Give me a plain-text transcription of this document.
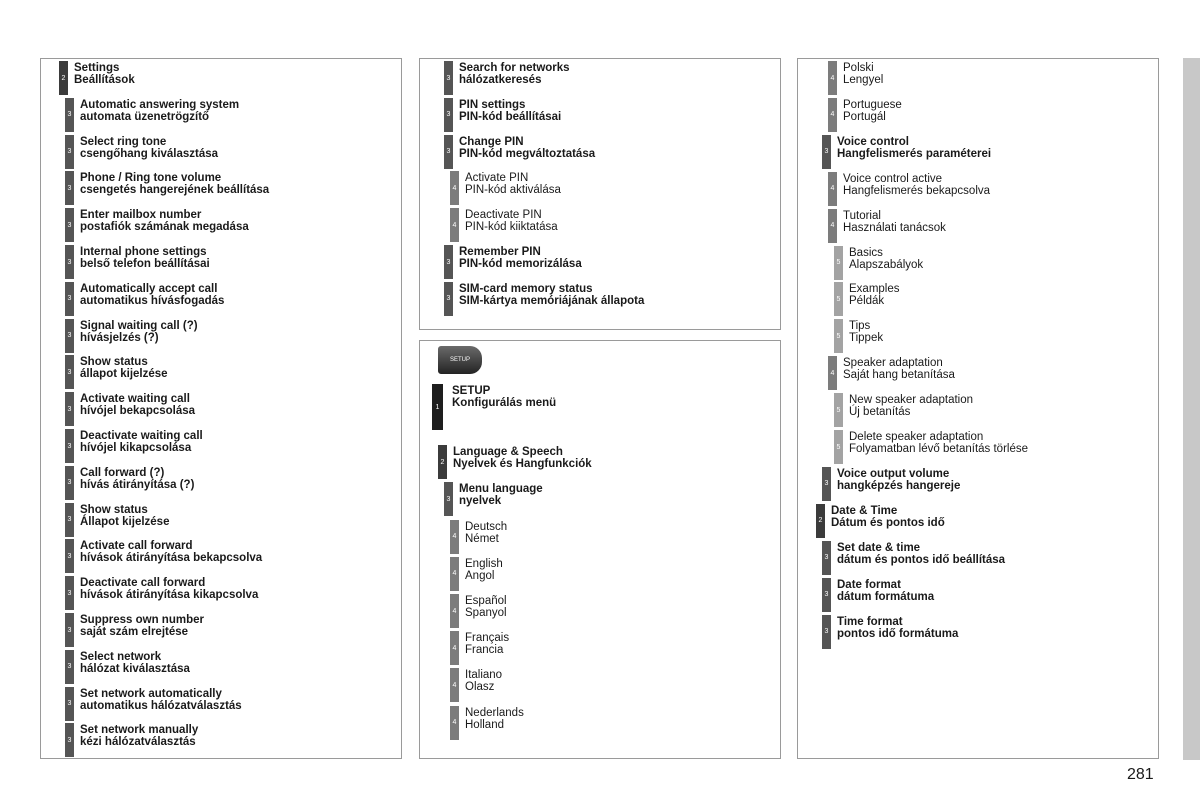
2
Settings
Beállítások
3
Automatic answering system
automata üzenetrögzítő
3
Select ring tone
csengőhang kiválasztása
3
Phone / Ring tone volume
csengetés hangerejének beállítása
3
Enter mailbox number
postafiók számának megadása
3
Internal phone settings
belső telefon beállításai
3
Automatically accept call
automatikus hívásfogadás
3
Signal waiting call (?)
hívásjelzés (?)
3
Show status
állapot kijelzése
3
Activate waiting call
hívójel bekapcsolása
3
Deactivate waiting call
hívójel kikapcsolása
3
Call forward (?)
hívás átirányítása (?)
3
Show status
Állapot kijelzése
3
Activate call forward
hívások átirányítása bekapcsolva
3
Deactivate call forward
hívások átirányítása kikapcsolva
3
Suppress own number
saját szám elrejtése
3
Select network
hálózat kiválasztása
3
Set network automatically
automatikus hálózatválasztás
3
Set network manually
kézi hálózatválasztás
3
Search for networks
hálózatkeresés
3
PIN settings
PIN-kód beállításai
3
Change PIN
PIN-kód megváltoztatása
4
Activate PIN
PIN-kód aktiválása
4
Deactivate PIN
PIN-kód kiiktatása
3
Remember PIN
PIN-kód memorizálása
3
SIM-card memory status
SIM-kártya memóriájának állapota
SETUP
1
SETUP
Konfigurálás menü
2
Language & Speech
Nyelvek és Hangfunkciók
3
Menu language
nyelvek
4
Deutsch
Német
4
English
Angol
4
Español
Spanyol
4
Français
Francia
4
Italiano
Olasz
4
Nederlands
Holland
4
Polski
Lengyel
4
Portuguese
Portugál
3
Voice control
Hangfelismerés paraméterei
4
Voice control active
Hangfelismerés bekapcsolva
4
Tutorial
Használati tanácsok
5
Basics
Alapszabályok
5
Examples
Példák
5
Tips
Tippek
4
Speaker adaptation
Saját hang betanítása
5
New speaker adaptation
Új betanítás
5
Delete speaker adaptation
Folyamatban lévő betanítás törlése
3
Voice output volume
hangképzés hangereje
2
Date & Time
Dátum és pontos idő
3
Set date & time
dátum és pontos idő beállítása
3
Date format
dátum formátuma
3
Time format
pontos idő formátuma
281
